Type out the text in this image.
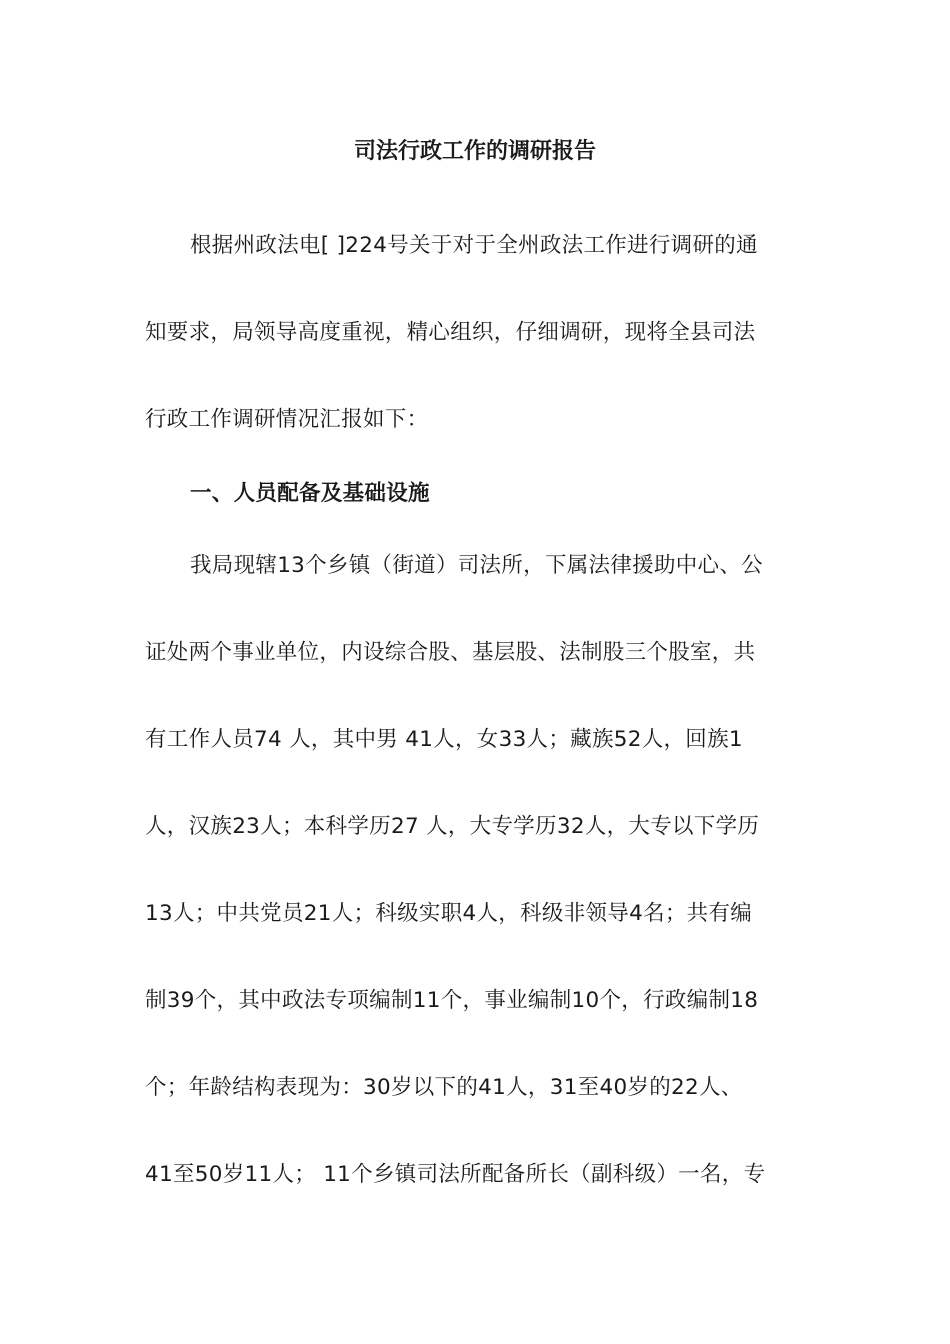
司法行政工作的调研报告
根据州政法电[ ]224号关于对于全州政法工作进行调研的通
知要求，局领导高度重视，精心组织，仔细调研，现将全县司法
行政工作调研情况汇报如下：
一、人员配备及基础设施
我局现辖13个乡镇（街道）司法所，下属法律援助中心、公
证处两个事业单位，内设综合股、基层股、法制股三个股室，共
有工作人员74 人，其中男 41人，女33人；藏族52人，回族1
人，汉族23人；本科学历27 人，大专学历32人，大专以下学历
13人；中共党员21人；科级实职4人，科级非领导4名；共有编
制39个，其中政法专项编制11个，事业编制10个，行政编制18
个；年龄结构表现为：30岁以下的41人，31至40岁的22人、
41至50岁11人； 11个乡镇司法所配备所长（副科级）一名，专
